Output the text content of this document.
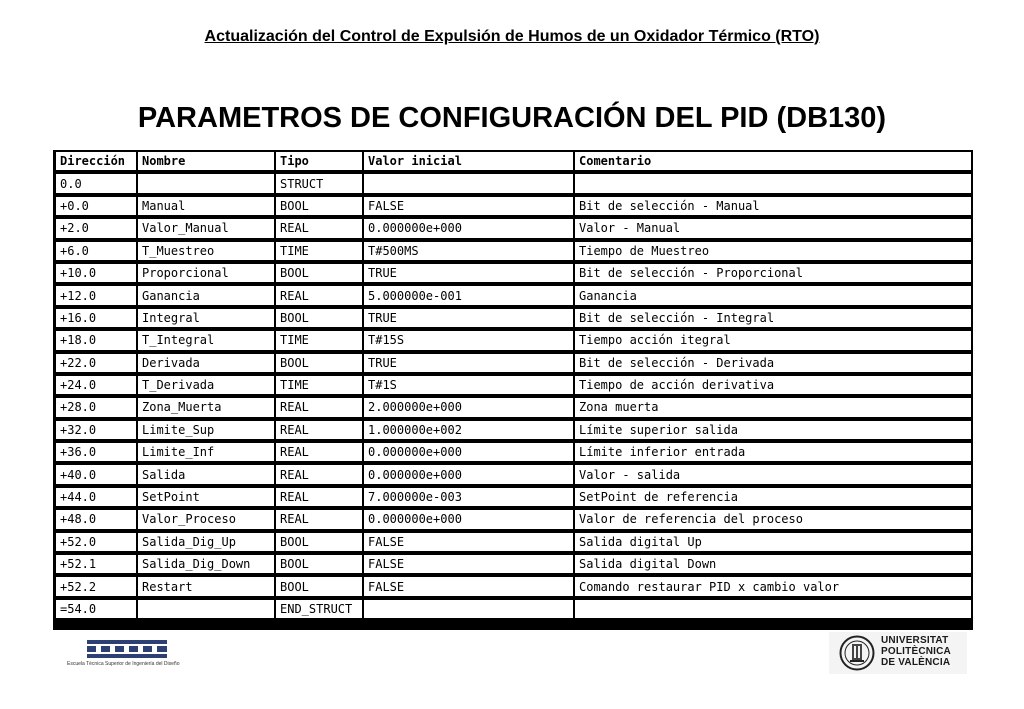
Actualización del Control de Expulsión de Humos de un Oxidador Térmico (RTO)
PARAMETROS DE CONFIGURACIÓN DEL PID (DB130)
Dirección	Nombre	Tipo	Valor inicial	Comentario
0.0		STRUCT		
+0.0	Manual	BOOL	FALSE	Bit de selección - Manual
+2.0	Valor_Manual	REAL	0.000000e+000	Valor - Manual
+6.0	T_Muestreo	TIME	T#500MS	Tiempo de Muestreo
+10.0	Proporcional	BOOL	TRUE	Bit de selección - Proporcional
+12.0	Ganancia	REAL	5.000000e-001	Ganancia
+16.0	Integral	BOOL	TRUE	Bit de selección - Integral
+18.0	T_Integral	TIME	T#15S	Tiempo acción itegral
+22.0	Derivada	BOOL	TRUE	Bit de selección - Derivada
+24.0	T_Derivada	TIME	T#1S	Tiempo de acción derivativa
+28.0	Zona_Muerta	REAL	2.000000e+000	Zona muerta
+32.0	Limite_Sup	REAL	1.000000e+002	Límite superior salida
+36.0	Limite_Inf	REAL	0.000000e+000	Límite inferior entrada
+40.0	Salida	REAL	0.000000e+000	Valor - salida
+44.0	SetPoint	REAL	7.000000e-003	SetPoint de referencia
+48.0	Valor_Proceso	REAL	0.000000e+000	Valor de referencia del proceso
+52.0	Salida_Dig_Up	BOOL	FALSE	Salida digital Up
+52.1	Salida_Dig_Down	BOOL	FALSE	Salida digital Down
+52.2	Restart	BOOL	FALSE	Comando restaurar PID x cambio valor
=54.0		END_STRUCT		
Escuela Técnica Superior de Ingeniería del Diseño
UNIVERSITAT
POLITÈCNICA
DE VALÈNCIA
